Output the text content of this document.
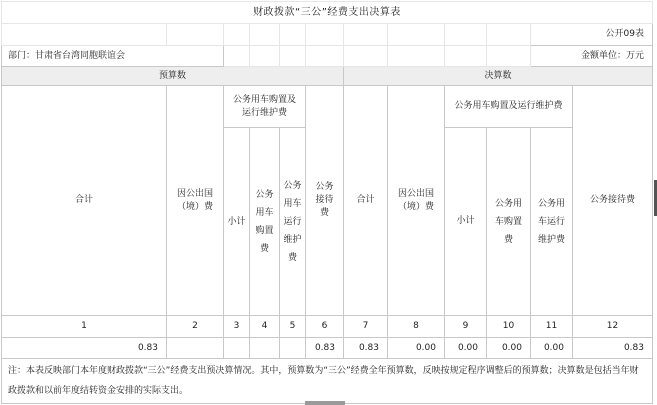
财政拨款“三公”经费支出决算表											
										公开09表	
部门：甘肃省台湾同胞联谊会										金额单位：万元	
预算数						决算数					
合计	因公出国（境）费	公务用车购置及运行维护费			公务接待费	合计	因公出国（境）费	公务用车购置及运行维护费			公务接待费
		小计	公务用车购置费	公务用车运行维护费				小计	公务用车购置费	公务用车运行维护费	
1	2	3	4	5	6	7	8	9	10	11	12
0.83					0.83	0.83	0.00	0.00	0.00	0.00	0.83
注：本表反映部门本年度财政拨款“三公”经费支出预决算情况。其中，预算数为“三公”经费全年预算数，反映按规定程序调整后的预算数；决算数是包括当年财政拨款和以前年度结转资金安排的实际支出。											
